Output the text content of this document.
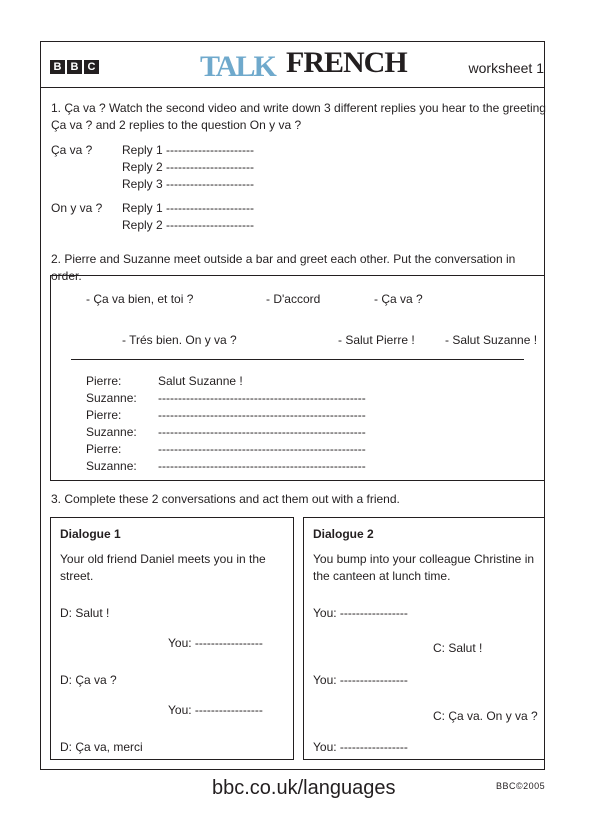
B B C	TALK FRENCH	worksheet 1
1. Ça va ? Watch the second video and write down 3 different replies you hear to the greeting Ça va ? and 2 replies to the question On y va ?
Ça va ? Reply 1 ----------------------
Reply 2 ----------------------
Reply 3 ----------------------
On y va ? Reply 1 ----------------------
Reply 2 ----------------------
2. Pierre and Suzanne meet outside a bar and greet each other. Put the conversation in order.
- Ça va bien, et toi ?	- D'accord	- Ça va ?
- Trés bien. On y va ?	- Salut Pierre !	- Salut Suzanne !
Pierre:	Salut Suzanne !
Suzanne: ----------------------------------------------------
Pierre:	----------------------------------------------------
Suzanne: ----------------------------------------------------
Pierre:	----------------------------------------------------
Suzanne: ----------------------------------------------------
3. Complete these 2 conversations and act them out with a friend.
Dialogue 1
Your old friend Daniel meets you in the street.
D: Salut !
You: -----------------
D: Ça va ?
You: -----------------
D: Ça va, merci
Dialogue 2
You bump into your colleague Christine in the canteen at lunch time.
You: -----------------
C: Salut !
You: -----------------
C: Ça va. On y va ?
You: -----------------
bbc.co.uk/languages	BBC©2005
